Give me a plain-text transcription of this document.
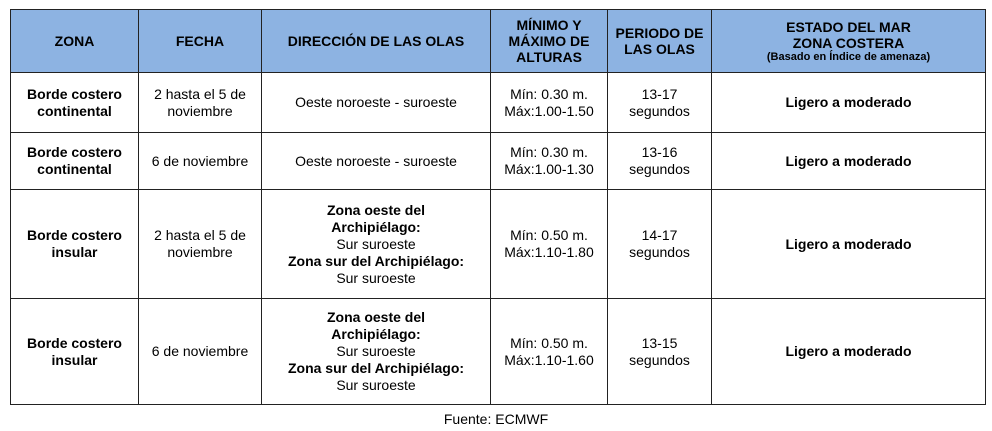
ZONA	FECHA	DIRECCIÓN DE LAS OLAS	MÍNIMO Y
MÁXIMO DE
ALTURAS	PERIODO DE
LAS OLAS	ESTADO DEL MAR
ZONA COSTERA
(Basado en Índice de amenaza)

Borde costero
continental	2 hasta el 5 de
noviembre	Oeste noroeste - suroeste	Mín: 0.30 m.
Máx:1.00-1.50	13-17
segundos	Ligero a moderado

Borde costero
continental	6 de noviembre	Oeste noroeste - suroeste	Mín: 0.30 m.
Máx:1.00-1.30	13-16
segundos	Ligero a moderado

Borde costero
insular	2 hasta el 5 de
noviembre	Zona oeste del
Archipiélago:
Sur suroeste
Zona sur del Archipiélago:
Sur suroeste	Mín: 0.50 m.
Máx:1.10-1.80	14-17
segundos	Ligero a moderado

Borde costero
insular	6 de noviembre	Zona oeste del
Archipiélago:
Sur suroeste
Zona sur del Archipiélago:
Sur suroeste	Mín: 0.50 m.
Máx:1.10-1.60	13-15
segundos	Ligero a moderado
Fuente: ECMWF
